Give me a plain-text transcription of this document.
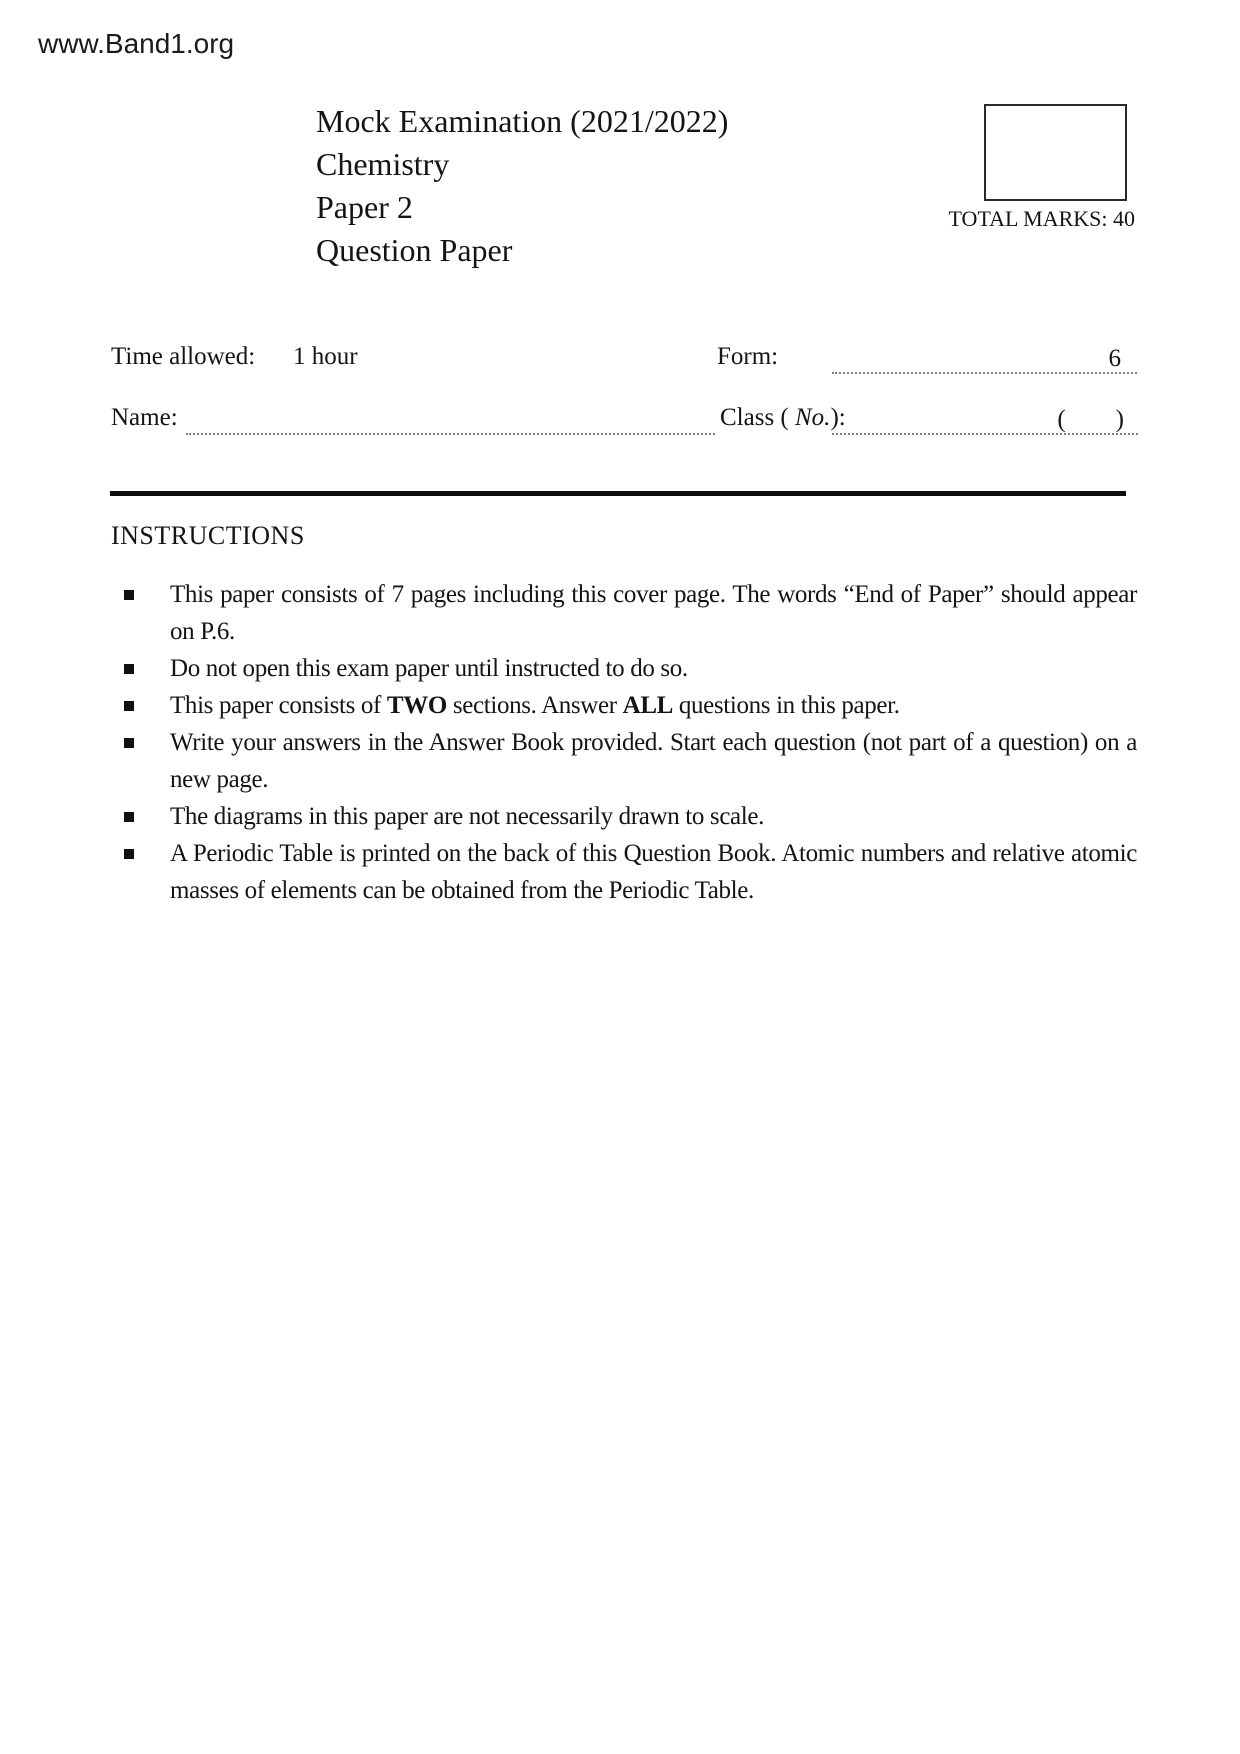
www.Band1.org
Mock Examination (2021/2022)
Chemistry
Paper 2
Question Paper
TOTAL MARKS: 40
Time allowed: 1 hour	Form:	6
Name:	Class ( No.):	(        )
INSTRUCTIONS
This paper consists of 7 pages including this cover page. The words “End of Paper” should appear on P.6.
Do not open this exam paper until instructed to do so.
This paper consists of TWO sections. Answer ALL questions in this paper.
Write your answers in the Answer Book provided. Start each question (not part of a question) on a new page.
The diagrams in this paper are not necessarily drawn to scale.
A Periodic Table is printed on the back of this Question Book. Atomic numbers and relative atomic masses of elements can be obtained from the Periodic Table.
